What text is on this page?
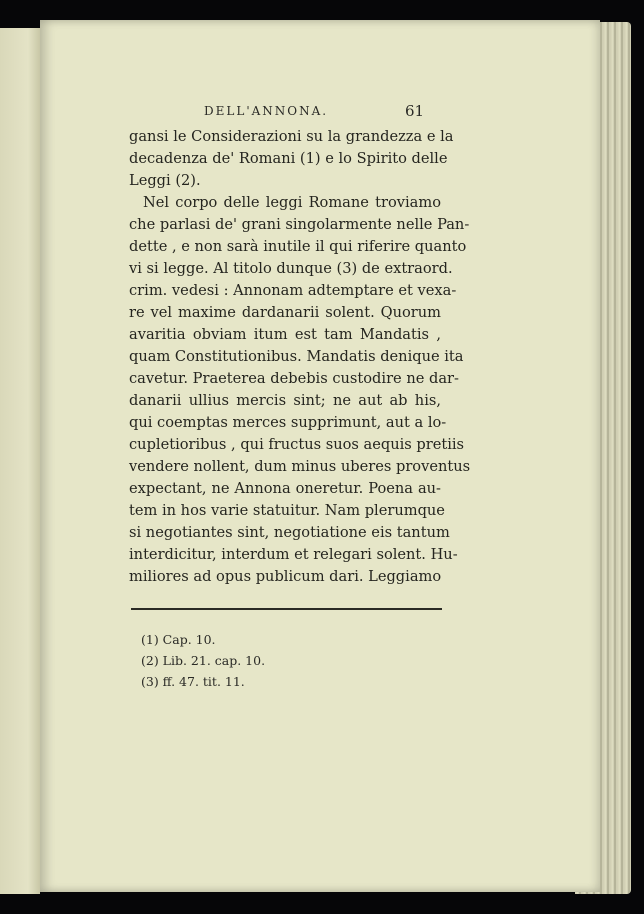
DELL'ANNONA.	61

gansi le Considerazioni su la grandezza e la
decadenza de' Romani (1) e lo Spirito delle
Leggi (2).

Nel corpo delle leggi Romane troviamo
che parlasi de' grani singolarmente nelle Pan-
dette , e non sarà inutile il qui riferire quanto
vi si legge. Al titolo dunque (3) de extraord.
crim. vedesi : Annonam adtemptare et vexa-
re vel maxime dardanarii solent. Quorum
avaritia obviam itum est tam Mandatis ,
quam Constitutionibus. Mandatis denique ita
cavetur. Praeterea debebis custodire ne dar-
danarii ullius mercis sint; ne aut ab his,
qui coemptas merces supprimunt, aut a lo-
cupletioribus , qui fructus suos aequis pretiis
vendere nollent, dum minus uberes proventus
expectant, ne Annona oneretur. Poena au-
tem in hos varie statuitur. Nam plerumque
si negotiantes sint, negotiatione eis tantum
interdicitur, interdum et relegari solent. Hu-
miliores ad opus publicum dari. Leggiamo

(1) Cap. 10.
(2) Lib. 21. cap. 10.
(3) ff. 47. tit. 11.
